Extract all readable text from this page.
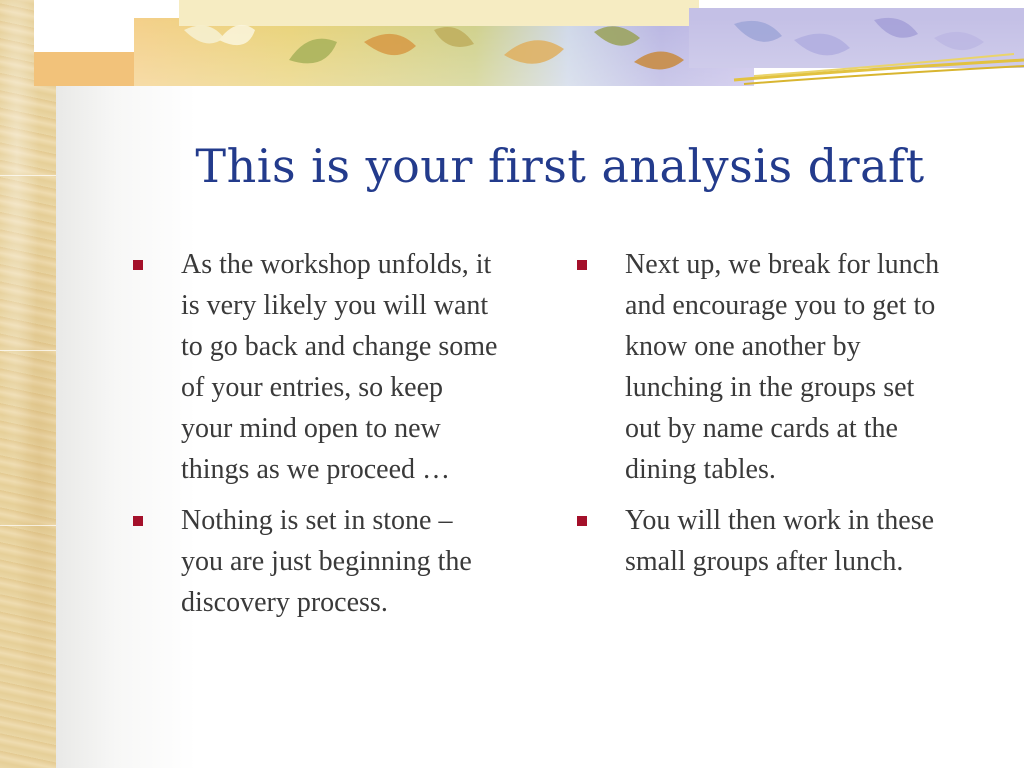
This is your first analysis draft
As the workshop unfolds, it is very likely you will want to go back and change some of your entries, so keep your mind open to new things as we proceed …
Nothing is set in stone – you are just beginning the discovery process.
Next up, we break for lunch and encourage you to get to know one another by lunching in the groups set out by name cards at the dining tables.
You will then work in these small groups after lunch.
